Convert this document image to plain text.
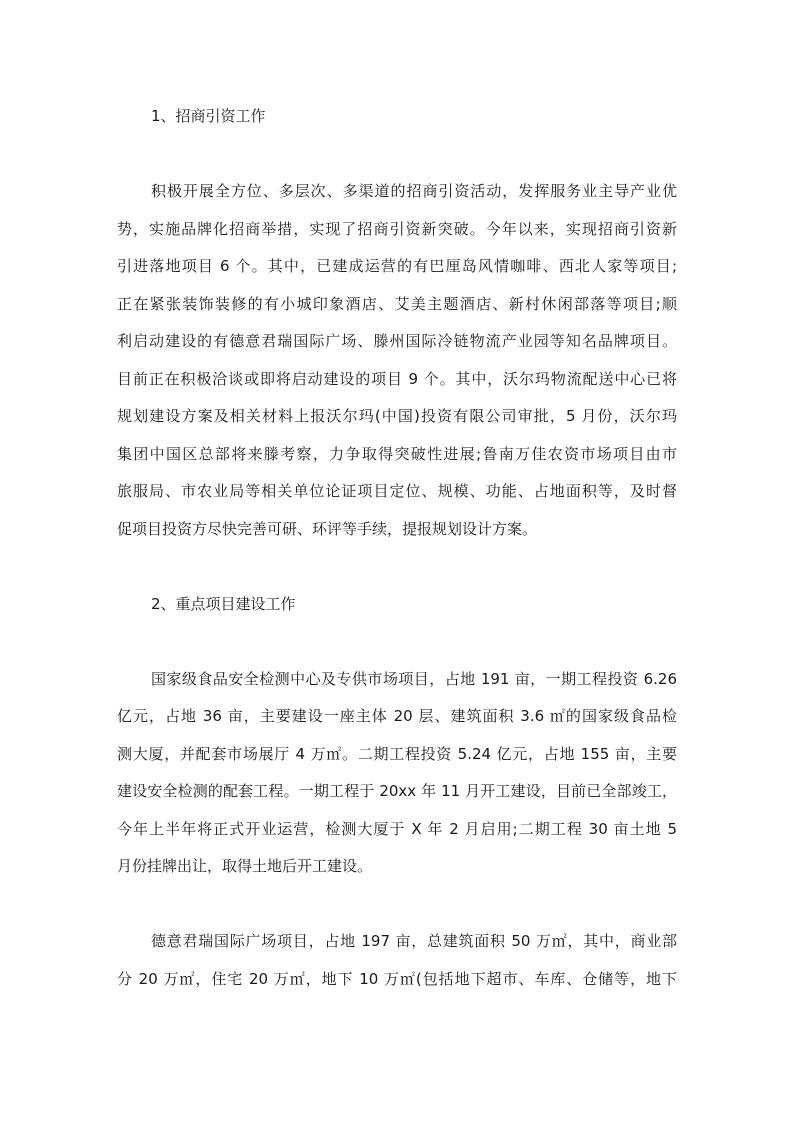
1、招商引资工作

积极开展全方位、多层次、多渠道的招商引资活动，发挥服务业主导产业优
势，实施品牌化招商举措，实现了招商引资新突破。今年以来，实现招商引资新
引进落地项目 6 个。其中，已建成运营的有巴厘岛风情咖啡、西北人家等项目;
正在紧张装饰装修的有小城印象酒店、艾美主题酒店、新村休闲部落等项目;顺
利启动建设的有德意君瑞国际广场、滕州国际冷链物流产业园等知名品牌项目。
目前正在积极洽谈或即将启动建设的项目 9 个。其中，沃尔玛物流配送中心已将
规划建设方案及相关材料上报沃尔玛(中国)投资有限公司审批，5 月份，沃尔玛
集团中国区总部将来滕考察，力争取得突破性进展;鲁南万佳农资市场项目由市
旅服局、市农业局等相关单位论证项目定位、规模、功能、占地面积等，及时督
促项目投资方尽快完善可研、环评等手续，提报规划设计方案。

2、重点项目建设工作

国家级食品安全检测中心及专供市场项目，占地 191 亩，一期工程投资 6.26
亿元，占地 36 亩，主要建设一座主体 20 层、建筑面积 3.6 ㎡的国家级食品检
测大厦，并配套市场展厅 4 万㎡。二期工程投资 5.24 亿元，占地 155 亩，主要
建设安全检测的配套工程。一期工程于 20xx 年 11 月开工建设，目前已全部竣工，
今年上半年将正式开业运营，检测大厦于 X 年 2 月启用;二期工程 30 亩土地 5
月份挂牌出让，取得土地后开工建设。
德意君瑞国际广场项目，占地 197 亩，总建筑面积 50 万㎡，其中，商业部
分 20 万㎡，住宅 20 万㎡，地下 10 万㎡(包括地下超市、车库、仓储等，地下
